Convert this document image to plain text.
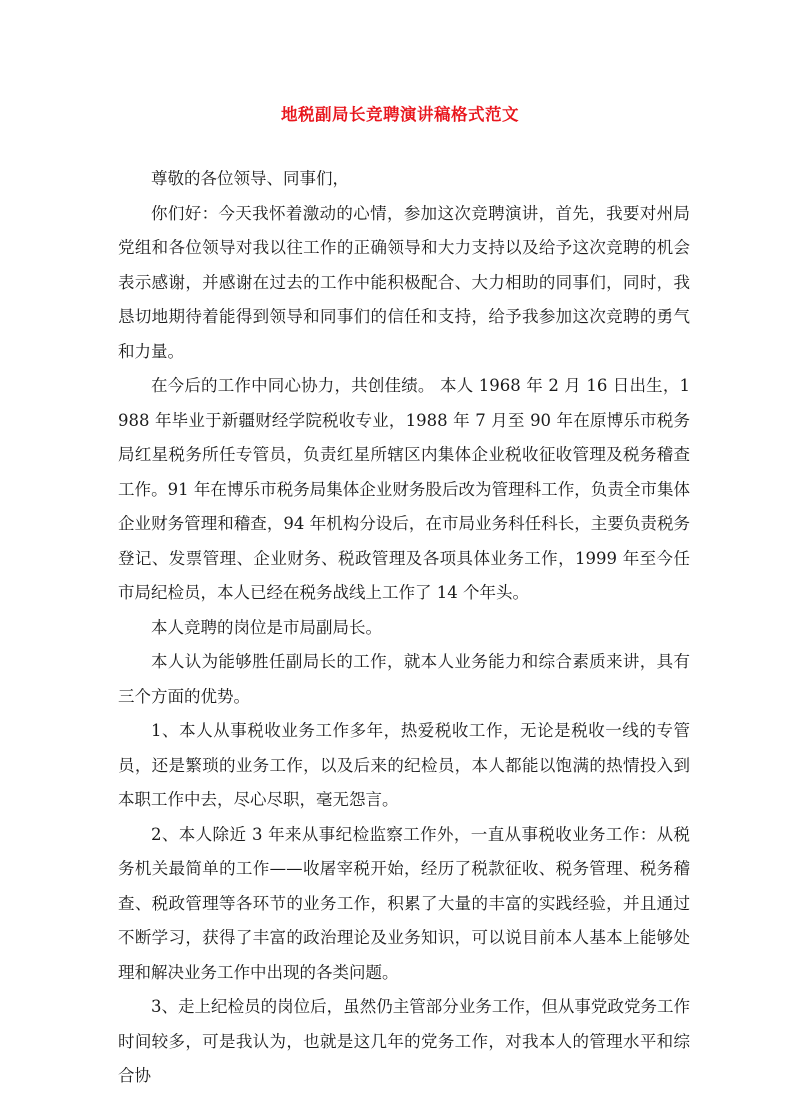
地税副局长竞聘演讲稿格式范文

尊敬的各位领导、同事们，

你们好：今天我怀着激动的心情，参加这次竞聘演讲，首先，我要对州局党组和各位领导对我以往工作的正确领导和大力支持以及给予这次竞聘的机会表示感谢，并感谢在过去的工作中能积极配合、大力相助的同事们，同时，我恳切地期待着能得到领导和同事们的信任和支持，给予我参加这次竞聘的勇气和力量。

在今后的工作中同心协力，共创佳绩。 本人 1968 年 2 月 16 日出生，1988 年毕业于新疆财经学院税收专业，1988 年 7 月至 90 年在原博乐市税务局红星税务所任专管员，负责红星所辖区内集体企业税收征收管理及税务稽查工作。91 年在博乐市税务局集体企业财务股后改为管理科工作，负责全市集体企业财务管理和稽查，94 年机构分设后，在市局业务科任科长，主要负责税务登记、发票管理、企业财务、税政管理及各项具体业务工作，1999 年至今任市局纪检员，本人已经在税务战线上工作了 14 个年头。

本人竞聘的岗位是市局副局长。

本人认为能够胜任副局长的工作，就本人业务能力和综合素质来讲，具有三个方面的优势。

1、本人从事税收业务工作多年，热爱税收工作，无论是税收一线的专管员，还是繁琐的业务工作，以及后来的纪检员，本人都能以饱满的热情投入到本职工作中去，尽心尽职，毫无怨言。

2、本人除近 3 年来从事纪检监察工作外，一直从事税收业务工作：从税务机关最简单的工作——收屠宰税开始，经历了税款征收、税务管理、税务稽查、税政管理等各环节的业务工作，积累了大量的丰富的实践经验，并且通过不断学习，获得了丰富的政治理论及业务知识，可以说目前本人基本上能够处理和解决业务工作中出现的各类问题。

3、走上纪检员的岗位后，虽然仍主管部分业务工作，但从事党政党务工作时间较多，可是我认为，也就是这几年的党务工作，对我本人的管理水平和综合协
